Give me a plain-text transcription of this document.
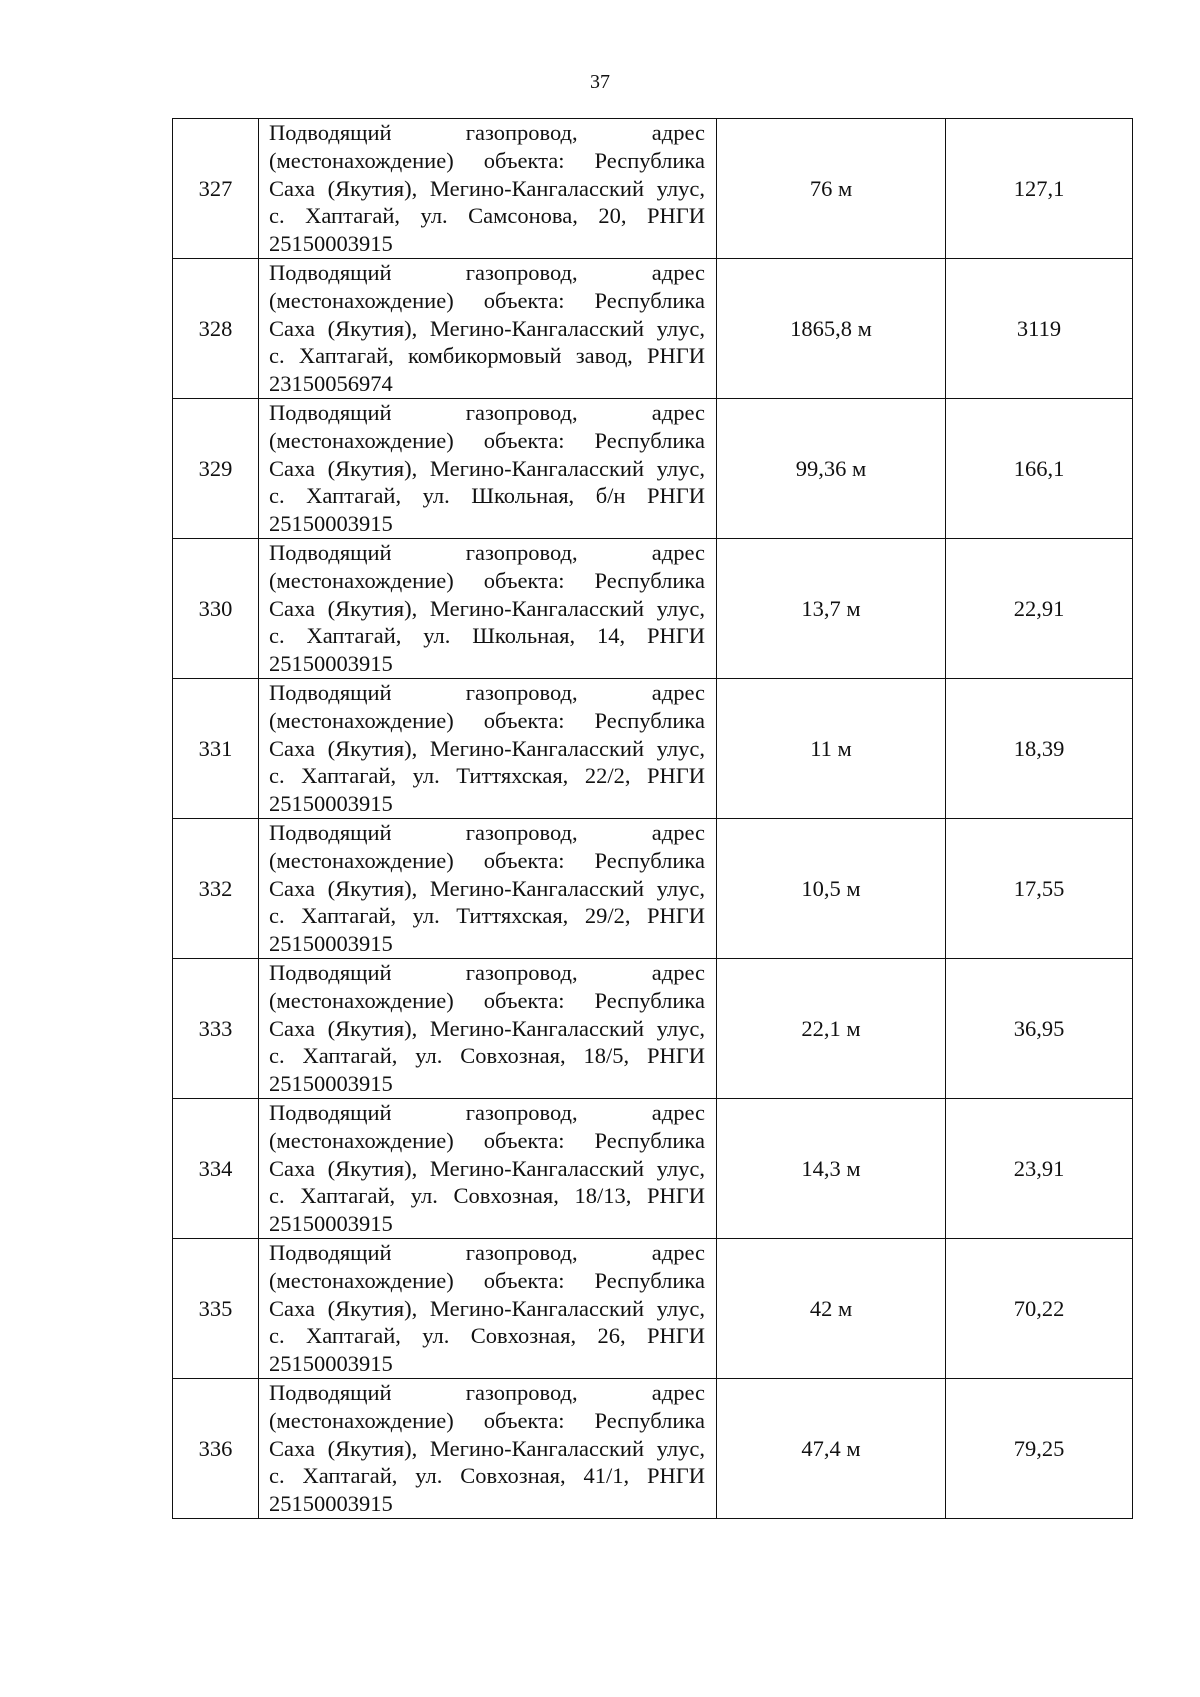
37
327	Подводящий газопровод, адрес (местонахождение) объекта: Республика Саха (Якутия), Мегино-Кангаласский улус, с. Хаптагай, ул. Самсонова, 20, РНГИ 25150003915	76 м	127,1
328	Подводящий газопровод, адрес (местонахождение) объекта: Республика Саха (Якутия), Мегино-Кангаласский улус, с. Хаптагай, комбикормовый завод, РНГИ 23150056974	1865,8 м	3119
329	Подводящий газопровод, адрес (местонахождение) объекта: Республика Саха (Якутия), Мегино-Кангаласский улус, с. Хаптагай, ул. Школьная, б/н РНГИ 25150003915	99,36 м	166,1
330	Подводящий газопровод, адрес (местонахождение) объекта: Республика Саха (Якутия), Мегино-Кангаласский улус, с. Хаптагай, ул. Школьная, 14, РНГИ 25150003915	13,7 м	22,91
331	Подводящий газопровод, адрес (местонахождение) объекта: Республика Саха (Якутия), Мегино-Кангаласский улус, с. Хаптагай, ул. Титтяхская, 22/2, РНГИ 25150003915	11 м	18,39
332	Подводящий газопровод, адрес (местонахождение) объекта: Республика Саха (Якутия), Мегино-Кангаласский улус, с. Хаптагай, ул. Титтяхская, 29/2, РНГИ 25150003915	10,5 м	17,55
333	Подводящий газопровод, адрес (местонахождение) объекта: Республика Саха (Якутия), Мегино-Кангаласский улус, с. Хаптагай, ул. Совхозная, 18/5, РНГИ 25150003915	22,1 м	36,95
334	Подводящий газопровод, адрес (местонахождение) объекта: Республика Саха (Якутия), Мегино-Кангаласский улус, с. Хаптагай, ул. Совхозная, 18/13, РНГИ 25150003915	14,3 м	23,91
335	Подводящий газопровод, адрес (местонахождение) объекта: Республика Саха (Якутия), Мегино-Кангаласский улус, с. Хаптагай, ул. Совхозная, 26, РНГИ 25150003915	42 м	70,22
336	Подводящий газопровод, адрес (местонахождение) объекта: Республика Саха (Якутия), Мегино-Кангаласский улус, с. Хаптагай, ул. Совхозная, 41/1, РНГИ 25150003915	47,4 м	79,25
